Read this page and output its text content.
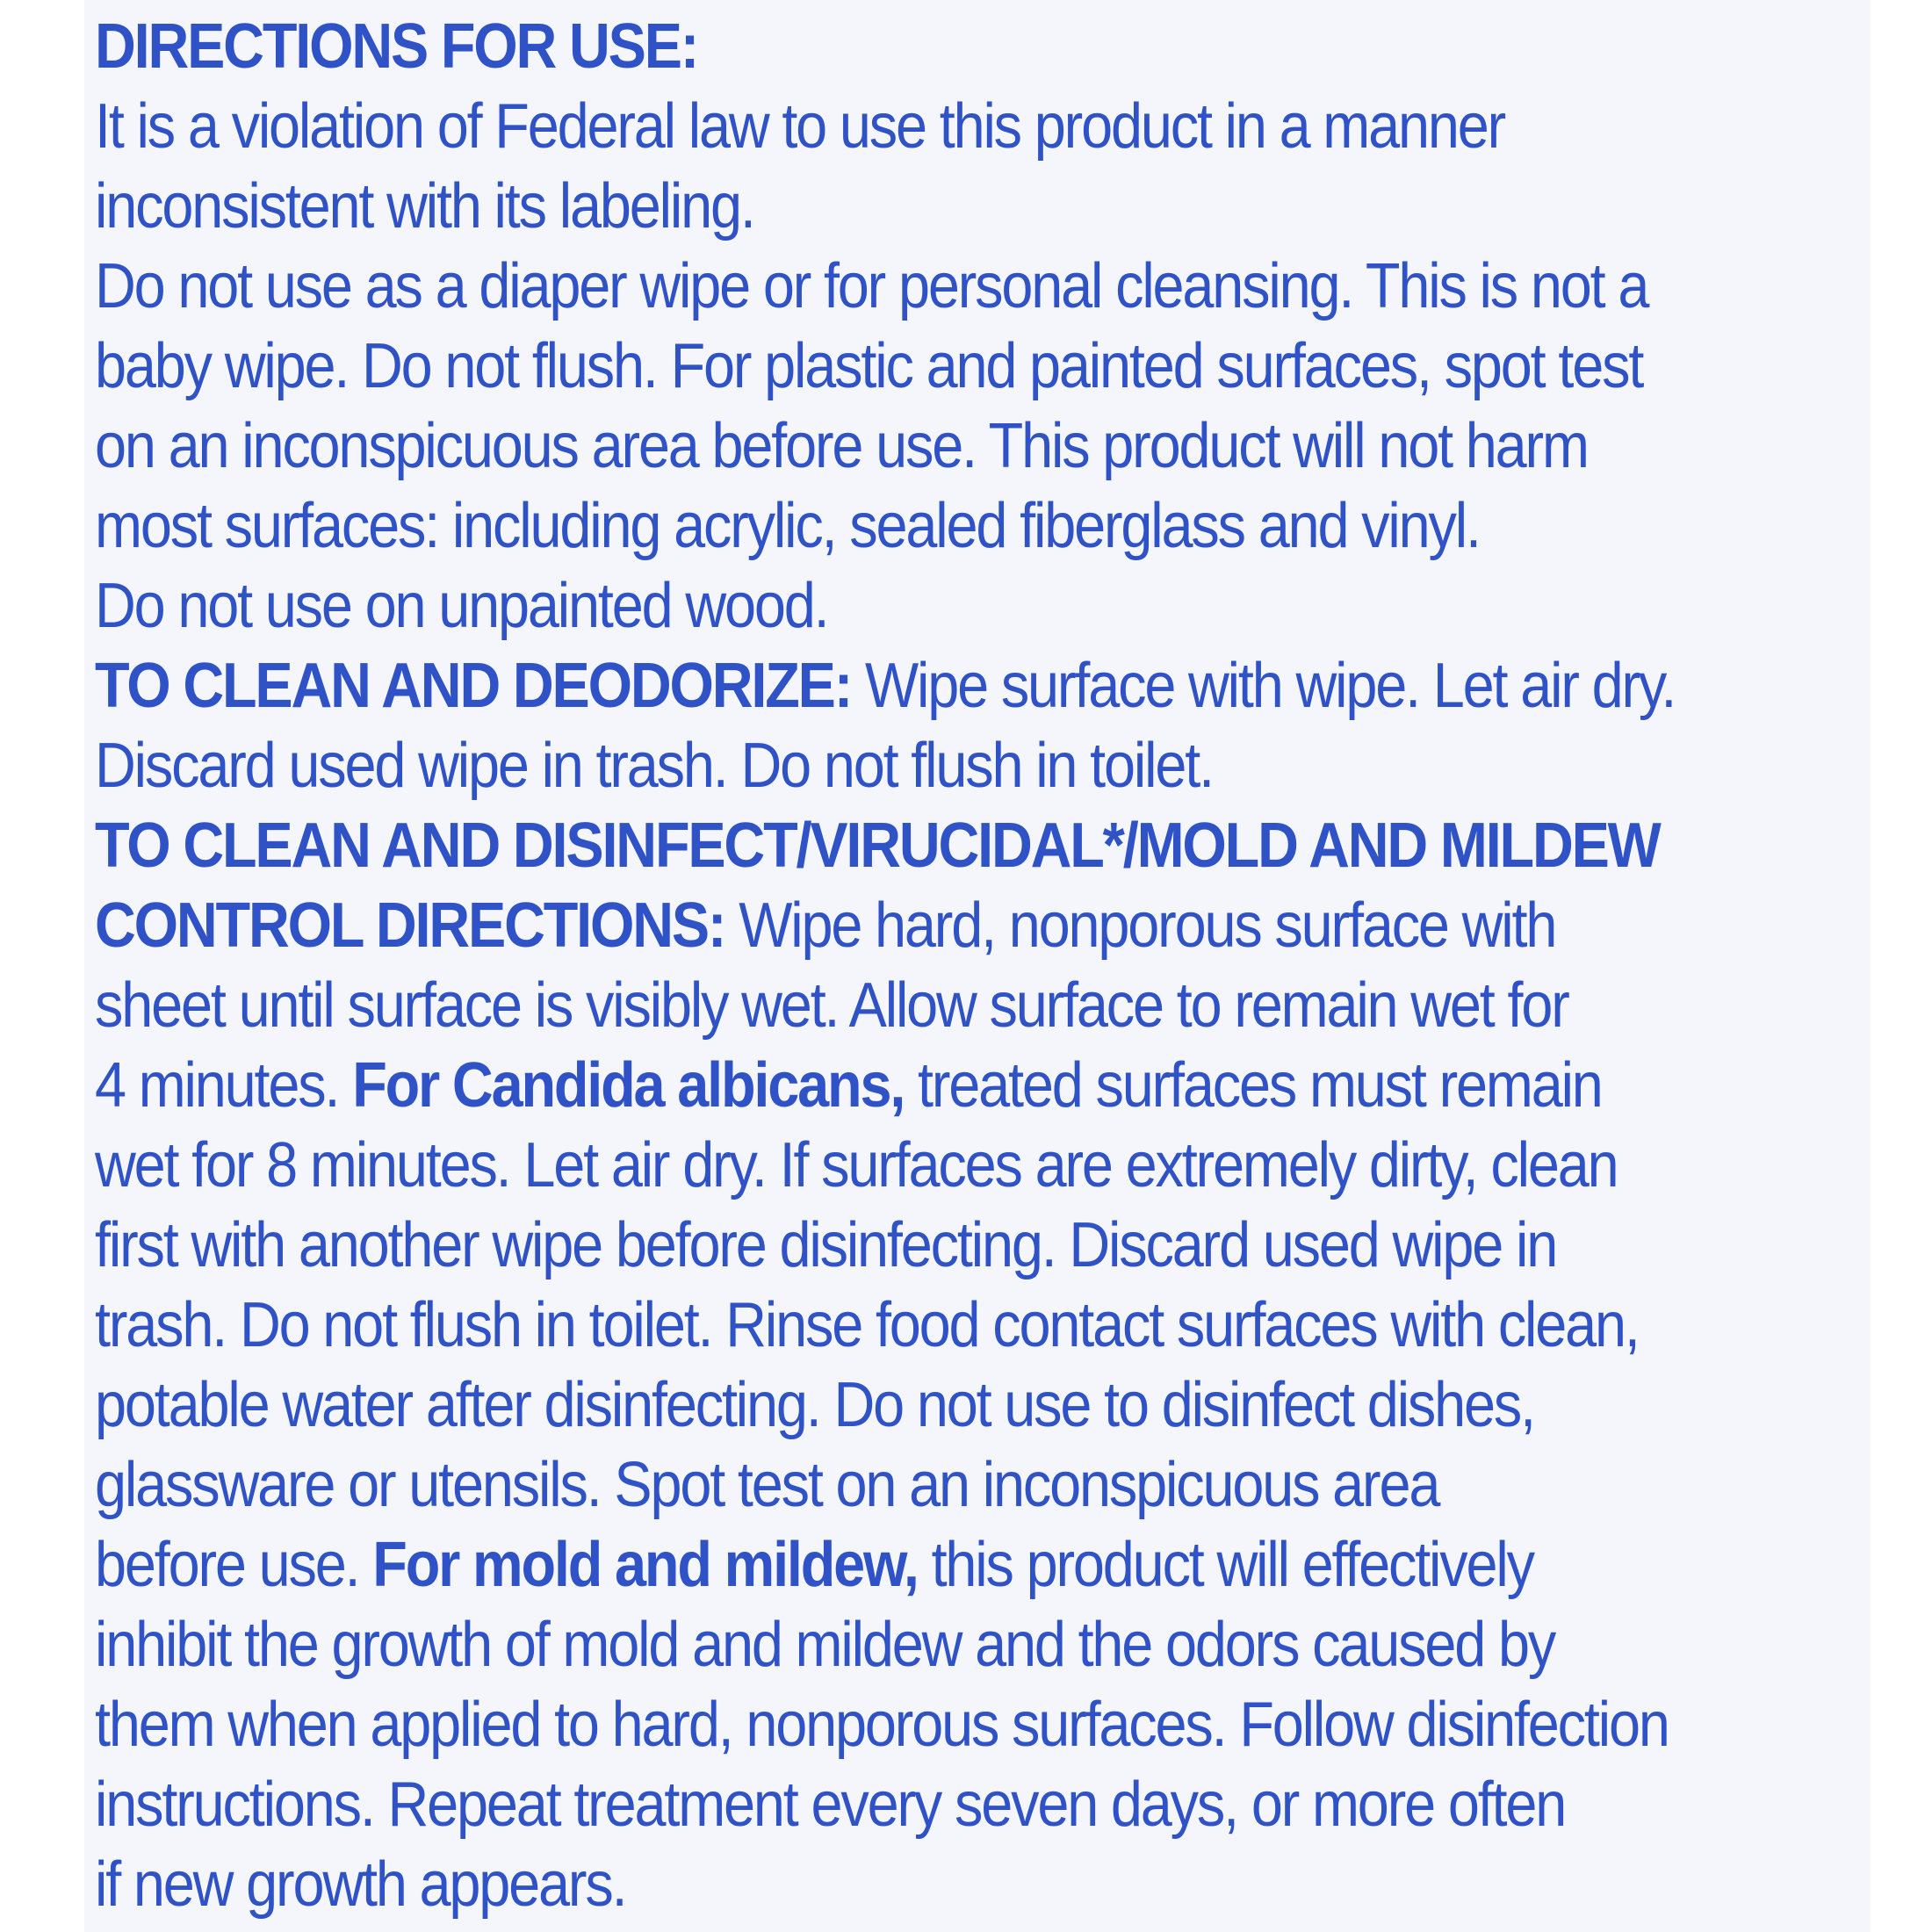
DIRECTIONS FOR USE:
It is a violation of Federal law to use this product in a manner
inconsistent with its labeling.
Do not use as a diaper wipe or for personal cleansing. This is not a
baby wipe. Do not flush. For plastic and painted surfaces, spot test
on an inconspicuous area before use. This product will not harm
most surfaces: including acrylic, sealed fiberglass and vinyl.
Do not use on unpainted wood.
TO CLEAN AND DEODORIZE: Wipe surface with wipe. Let air dry.
Discard used wipe in trash. Do not flush in toilet.
TO CLEAN AND DISINFECT/VIRUCIDAL*/MOLD AND MILDEW
CONTROL DIRECTIONS: Wipe hard, nonporous surface with
sheet until surface is visibly wet. Allow surface to remain wet for
4 minutes. For Candida albicans, treated surfaces must remain
wet for 8 minutes. Let air dry. If surfaces are extremely dirty, clean
first with another wipe before disinfecting. Discard used wipe in
trash. Do not flush in toilet. Rinse food contact surfaces with clean,
potable water after disinfecting. Do not use to disinfect dishes,
glassware or utensils. Spot test on an inconspicuous area
before use. For mold and mildew, this product will effectively
inhibit the growth of mold and mildew and the odors caused by
them when applied to hard, nonporous surfaces. Follow disinfection
instructions. Repeat treatment every seven days, or more often
if new growth appears.
